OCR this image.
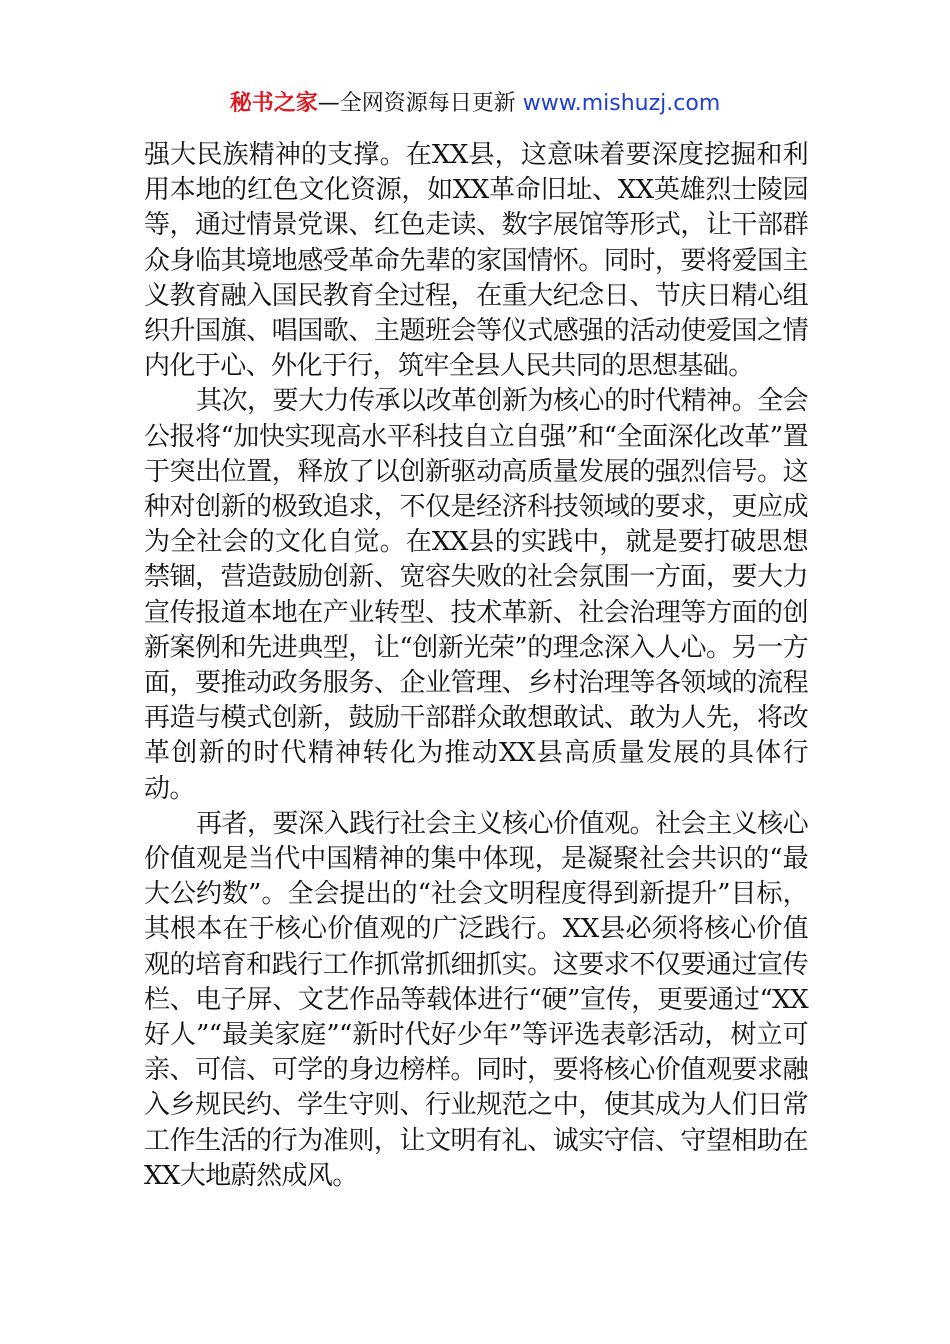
秘书之家—全网资源每日更新 www.mishuzj.com

强大民族精神的支撑。在XX县，这意味着要深度挖掘和利用本地的红色文化资源，如XX革命旧址、XX英雄烈士陵园等，通过情景党课、红色走读、数字展馆等形式，让干部群众身临其境地感受革命先辈的家国情怀。同时，要将爱国主义教育融入国民教育全过程，在重大纪念日、节庆日精心组织升国旗、唱国歌、主题班会等仪式感强的活动使爱国之情内化于心、外化于行，筑牢全县人民共同的思想基础。

其次，要大力传承以改革创新为核心的时代精神。全会公报将“加快实现高水平科技自立自强”和“全面深化改革”置于突出位置，释放了以创新驱动高质量发展的强烈信号。这种对创新的极致追求，不仅是经济科技领域的要求，更应成为全社会的文化自觉。在XX县的实践中，就是要打破思想禁锢，营造鼓励创新、宽容失败的社会氛围一方面，要大力宣传报道本地在产业转型、技术革新、社会治理等方面的创新案例和先进典型，让“创新光荣”的理念深入人心。另一方面，要推动政务服务、企业管理、乡村治理等各领域的流程再造与模式创新，鼓励干部群众敢想敢试、敢为人先，将改革创新的时代精神转化为推动XX县高质量发展的具体行动。

再者，要深入践行社会主义核心价值观。社会主义核心价值观是当代中国精神的集中体现，是凝聚社会共识的“最大公约数”。全会提出的“社会文明程度得到新提升”目标，其根本在于核心价值观的广泛践行。XX县必须将核心价值观的培育和践行工作抓常抓细抓实。这要求不仅要通过宣传栏、电子屏、文艺作品等载体进行“硬”宣传，更要通过“XX好人”“最美家庭”“新时代好少年”等评选表彰活动，树立可亲、可信、可学的身边榜样。同时，要将核心价值观要求融入乡规民约、学生守则、行业规范之中，使其成为人们日常工作生活的行为准则，让文明有礼、诚实守信、守望相助在XX大地蔚然成风。
